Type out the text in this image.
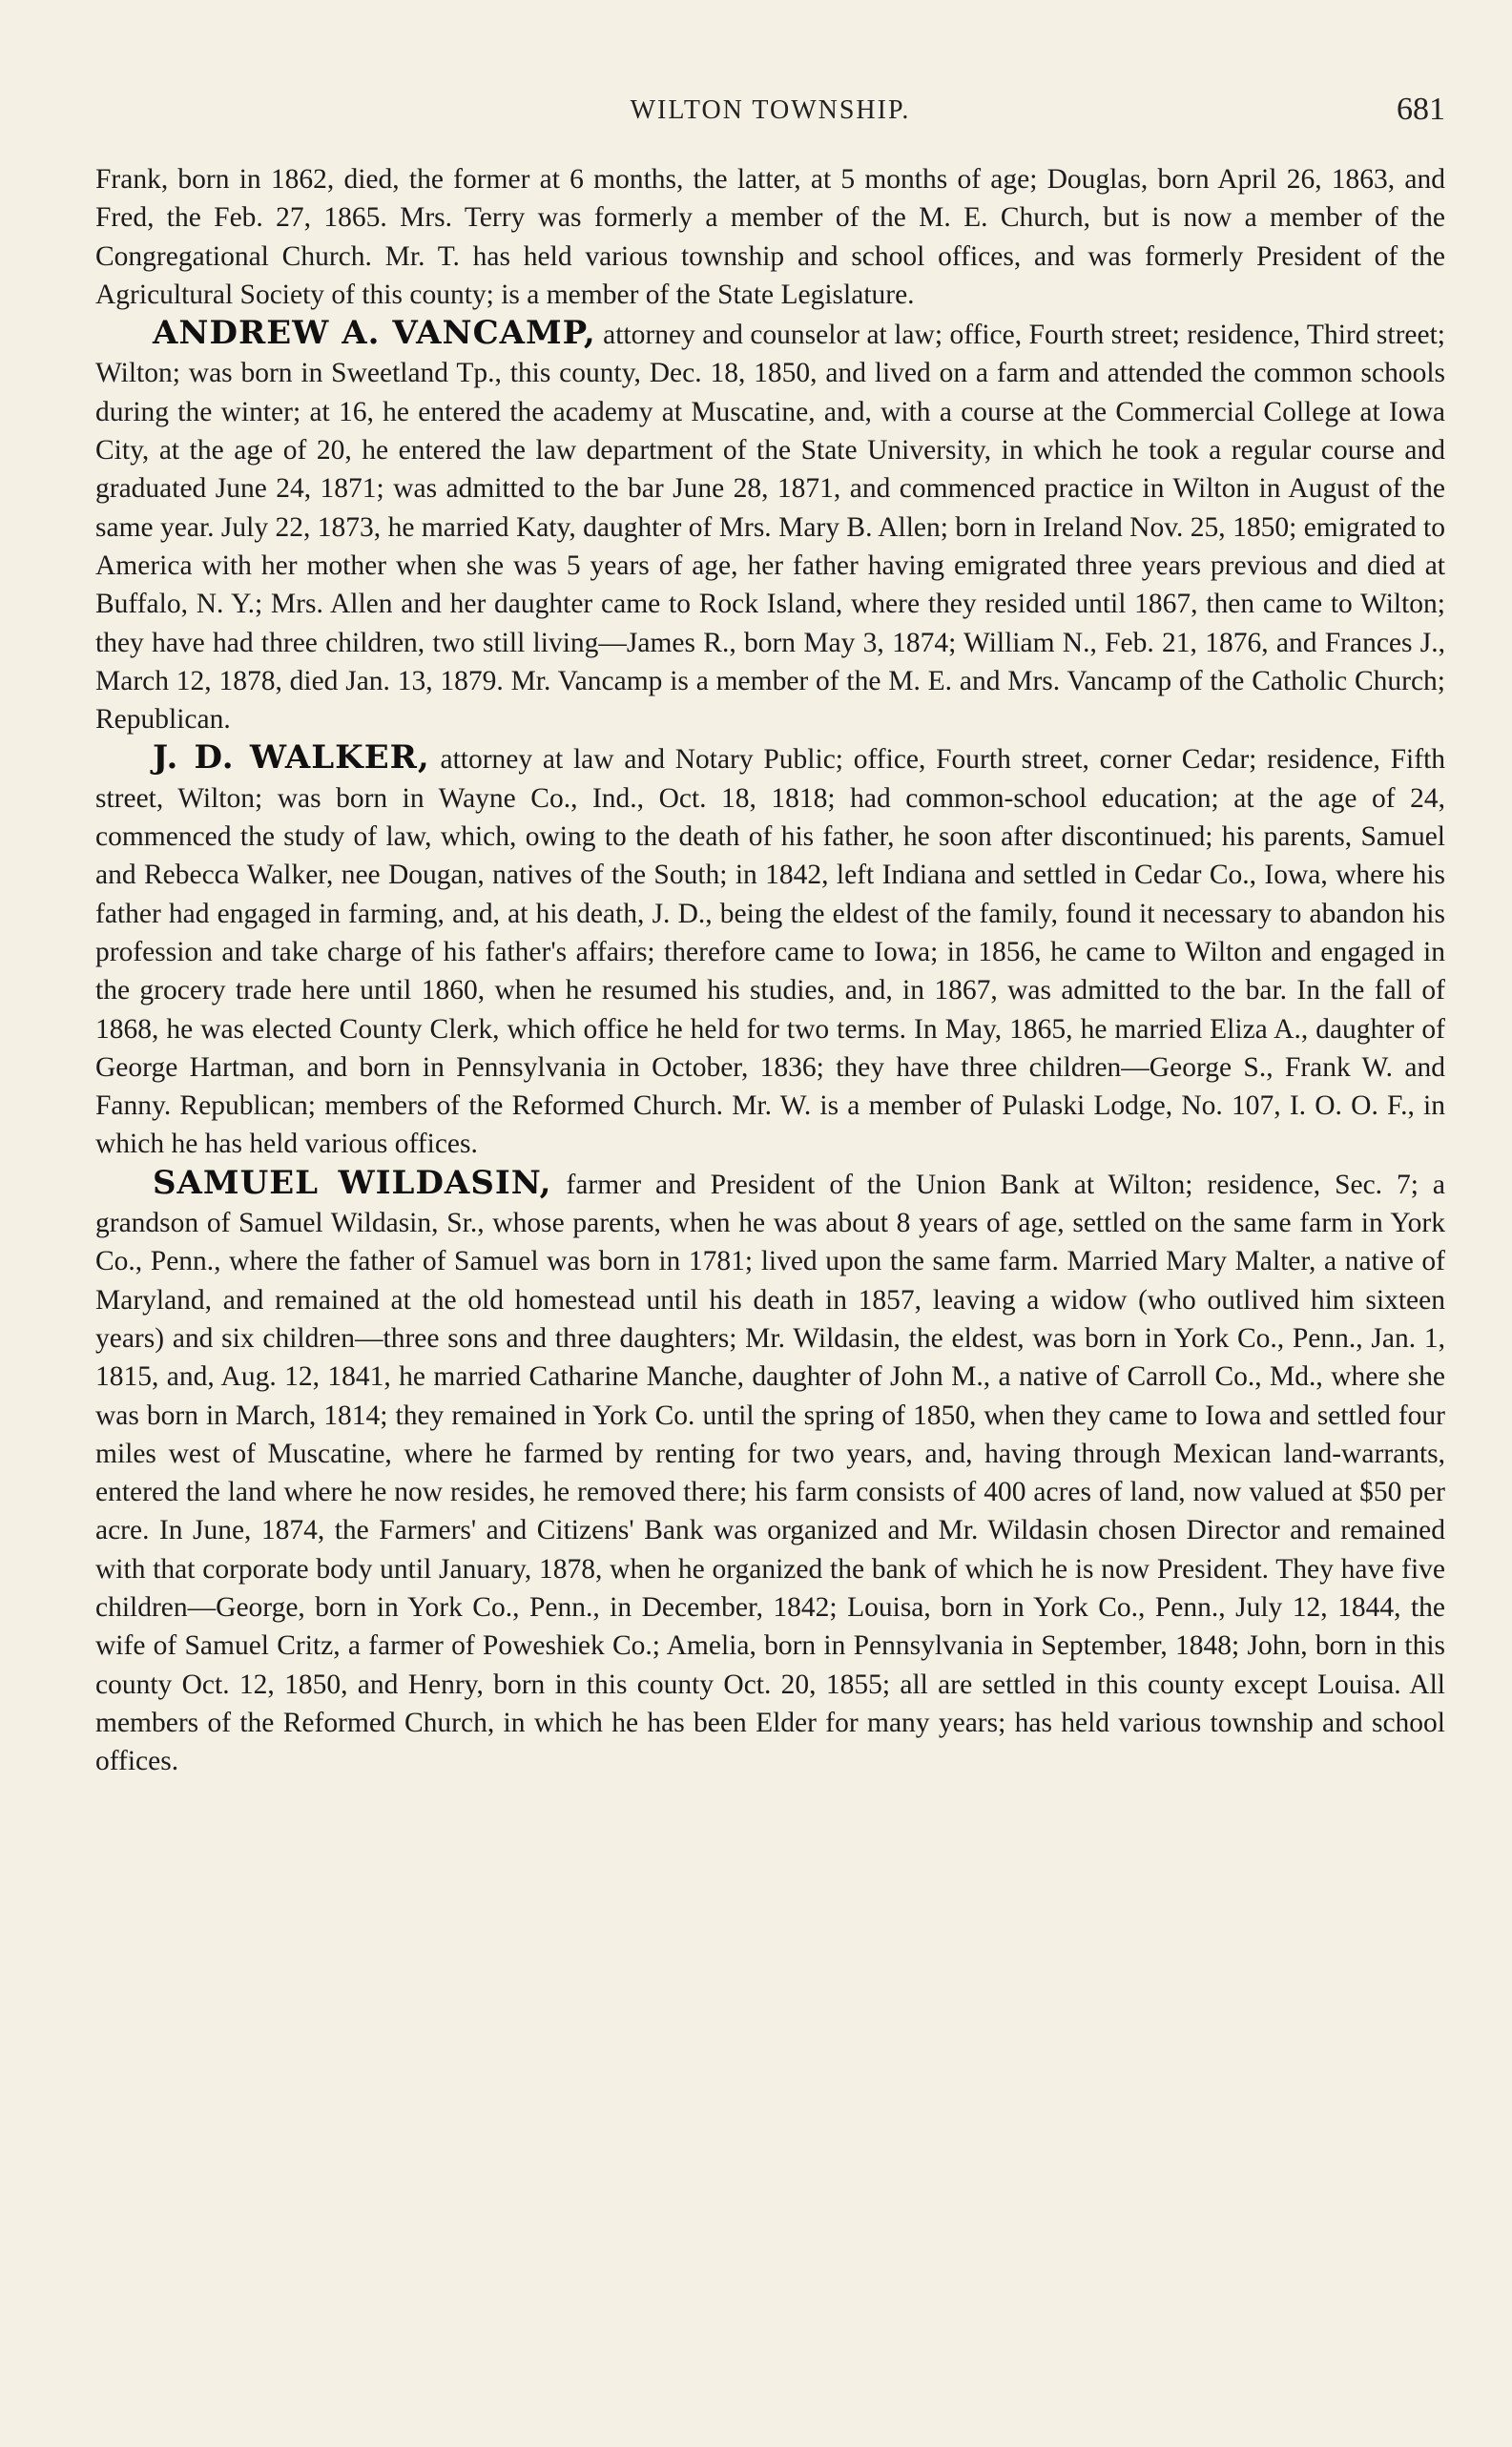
WILTON TOWNSHIP.	681

Frank, born in 1862, died, the former at 6 months, the latter, at 5 months of age; Douglas, born April 26, 1863, and Fred, the Feb. 27, 1865. Mrs. Terry was formerly a member of the M. E. Church, but is now a member of the Congregational Church. Mr. T. has held various township and school offices, and was formerly President of the Agricultural Society of this county; is a member of the State Legislature.

ANDREW A. VANCAMP, attorney and counselor at law; office, Fourth street; residence, Third street; Wilton; was born in Sweetland Tp., this county, Dec. 18, 1850, and lived on a farm and attended the common schools during the winter; at 16, he entered the academy at Muscatine, and, with a course at the Commercial College at Iowa City, at the age of 20, he entered the law department of the State University, in which he took a regular course and graduated June 24, 1871; was admitted to the bar June 28, 1871, and commenced practice in Wilton in August of the same year. July 22, 1873, he married Katy, daughter of Mrs. Mary B. Allen; born in Ireland Nov. 25, 1850; emigrated to America with her mother when she was 5 years of age, her father having emigrated three years previous and died at Buffalo, N. Y.; Mrs. Allen and her daughter came to Rock Island, where they resided until 1867, then came to Wilton; they have had three children, two still living—James R., born May 3, 1874; William N., Feb. 21, 1876, and Frances J., March 12, 1878, died Jan. 13, 1879. Mr. Vancamp is a member of the M. E. and Mrs. Vancamp of the Catholic Church; Republican.

J. D. WALKER, attorney at law and Notary Public; office, Fourth street, corner Cedar; residence, Fifth street, Wilton; was born in Wayne Co., Ind., Oct. 18, 1818; had common-school education; at the age of 24, commenced the study of law, which, owing to the death of his father, he soon after discontinued; his parents, Samuel and Rebecca Walker, nee Dougan, natives of the South; in 1842, left Indiana and settled in Cedar Co., Iowa, where his father had engaged in farming, and, at his death, J. D., being the eldest of the family, found it necessary to abandon his profession and take charge of his father's affairs; therefore came to Iowa; in 1856, he came to Wilton and engaged in the grocery trade here until 1860, when he resumed his studies, and, in 1867, was admitted to the bar. In the fall of 1868, he was elected County Clerk, which office he held for two terms. In May, 1865, he married Eliza A., daughter of George Hartman, and born in Pennsylvania in October, 1836; they have three children—George S., Frank W. and Fanny. Republican; members of the Reformed Church. Mr. W. is a member of Pulaski Lodge, No. 107, I. O. O. F., in which he has held various offices.

SAMUEL WILDASIN, farmer and President of the Union Bank at Wilton; residence, Sec. 7; a grandson of Samuel Wildasin, Sr., whose parents, when he was about 8 years of age, settled on the same farm in York Co., Penn., where the father of Samuel was born in 1781; lived upon the same farm. Married Mary Malter, a native of Maryland, and remained at the old homestead until his death in 1857, leaving a widow (who outlived him sixteen years) and six children—three sons and three daughters; Mr. Wildasin, the eldest, was born in York Co., Penn., Jan. 1, 1815, and, Aug. 12, 1841, he married Catharine Manche, daughter of John M., a native of Carroll Co., Md., where she was born in March, 1814; they remained in York Co. until the spring of 1850, when they came to Iowa and settled four miles west of Muscatine, where he farmed by renting for two years, and, having through Mexican land-warrants, entered the land where he now resides, he removed there; his farm consists of 400 acres of land, now valued at $50 per acre. In June, 1874, the Farmers' and Citizens' Bank was organized and Mr. Wildasin chosen Director and remained with that corporate body until January, 1878, when he organized the bank of which he is now President. They have five children—George, born in York Co., Penn., in December, 1842; Louisa, born in York Co., Penn., July 12, 1844, the wife of Samuel Critz, a farmer of Poweshiek Co.; Amelia, born in Pennsylvania in September, 1848; John, born in this county Oct. 12, 1850, and Henry, born in this county Oct. 20, 1855; all are settled in this county except Louisa. All members of the Reformed Church, in which he has been Elder for many years; has held various township and school offices.
